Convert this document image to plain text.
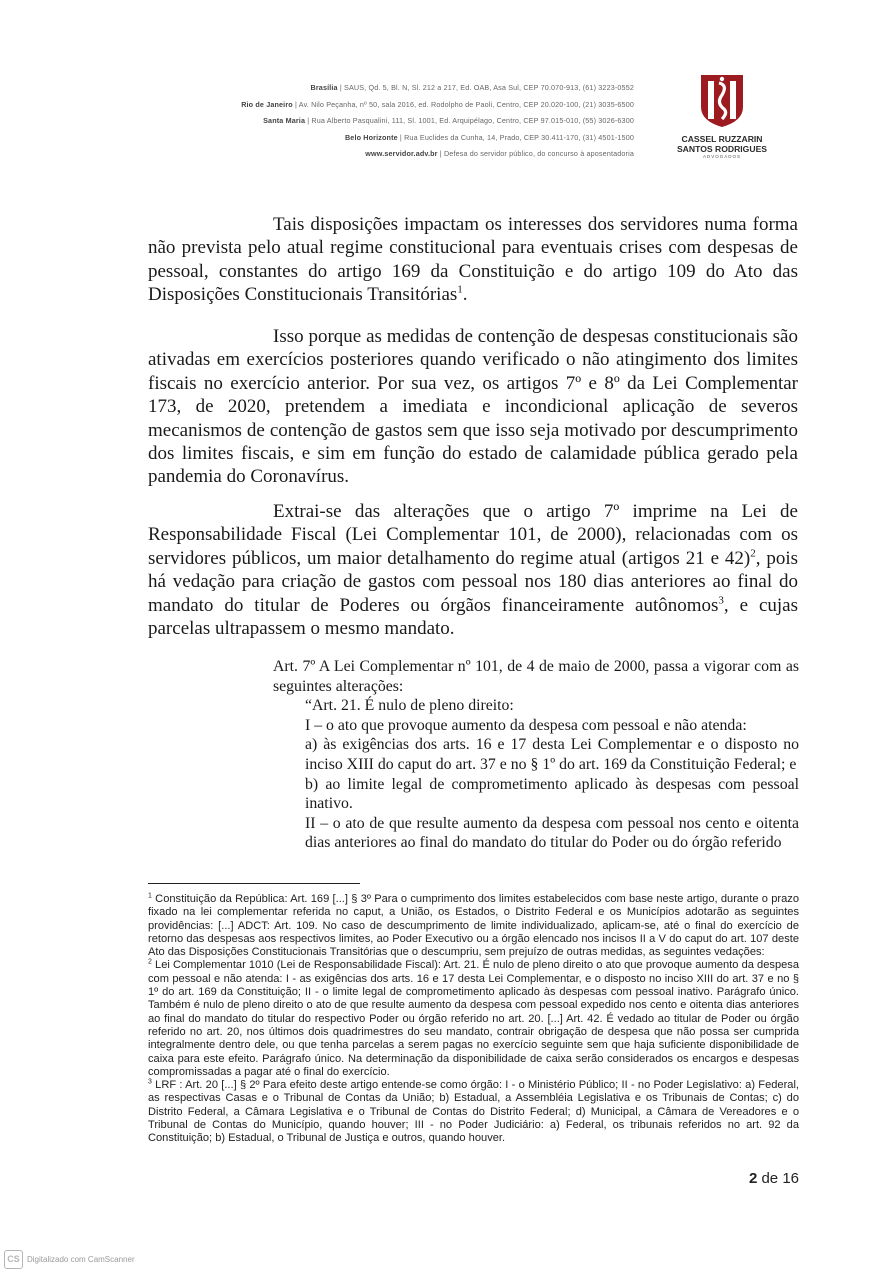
Brasília | SAUS, Qd. 5, Bl. N, Sl. 212 a 217, Ed. OAB, Asa Sul, CEP 70.070-913, (61) 3223-0552
Rio de Janeiro | Av. Nilo Peçanha, nº 50, sala 2016, ed. Rodolpho de Paoli, Centro, CEP 20.020-100, (21) 3035-6500
Santa Maria | Rua Alberto Pasqualini, 111, Sl. 1001, Ed. Arquipélago, Centro, CEP 97.015-010, (55) 3026-6300
Belo Horizonte | Rua Euclides da Cunha, 14, Prado, CEP 30.411-170, (31) 4501-1500
www.servidor.adv.br | Defesa do servidor público, do concurso à aposentadoria
CASSEL RUZZARIN
SANTOS RODRIGUES
ADVOGADOS

Tais disposições impactam os interesses dos servidores numa forma não prevista pelo atual regime constitucional para eventuais crises com despesas de pessoal, constantes do artigo 169 da Constituição e do artigo 109 do Ato das Disposições Constitucionais Transitórias$^1$.

Isso porque as medidas de contenção de despesas constitucionais são ativadas em exercícios posteriores quando verificado o não atingimento dos limites fiscais no exercício anterior. Por sua vez, os artigos 7º e 8º da Lei Complementar 173, de 2020, pretendem a imediata e incondicional aplicação de severos mecanismos de contenção de gastos sem que isso seja motivado por descumprimento dos limites fiscais, e sim em função do estado de calamidade pública gerado pela pandemia do Coronavírus.

Extrai-se das alterações que o artigo 7º imprime na Lei de Responsabilidade Fiscal (Lei Complementar 101, de 2000), relacionadas com os servidores públicos, um maior detalhamento do regime atual (artigos 21 e 42)$^2$, pois há vedação para criação de gastos com pessoal nos 180 dias anteriores ao final do mandato do titular de Poderes ou órgãos financeiramente autônomos$^3$, e cujas parcelas ultrapassem o mesmo mandato.

Art. 7º A Lei Complementar nº 101, de 4 de maio de 2000, passa a vigorar com as seguintes alterações:

“Art. 21. É nulo de pleno direito:

I – o ato que provoque aumento da despesa com pessoal e não atenda:

a) às exigências dos arts. 16 e 17 desta Lei Complementar e o disposto no inciso XIII do caput do art. 37 e no § 1º do art. 169 da Constituição Federal; e

b) ao limite legal de comprometimento aplicado às despesas com pessoal inativo.

II – o ato de que resulte aumento da despesa com pessoal nos cento e oitenta dias anteriores ao final do mandato do titular do Poder ou do órgão referido

$^1$ Constituição da República: Art. 169 [...] § 3º Para o cumprimento dos limites estabelecidos com base neste artigo, durante o prazo fixado na lei complementar referida no caput, a União, os Estados, o Distrito Federal e os Municípios adotarão as seguintes providências: [...] ADCT: Art. 109. No caso de descumprimento de limite individualizado, aplicam-se, até o final do exercício de retorno das despesas aos respectivos limites, ao Poder Executivo ou a órgão elencado nos incisos II a V do caput do art. 107 deste Ato das Disposições Constitucionais Transitórias que o descumpriu, sem prejuízo de outras medidas, as seguintes vedações:

$^2$ Lei Complementar 1010 (Lei de Responsabilidade Fiscal): Art. 21. É nulo de pleno direito o ato que provoque aumento da despesa com pessoal e não atenda: I - as exigências dos arts. 16 e 17 desta Lei Complementar, e o disposto no inciso XIII do art. 37 e no § 1º do art. 169 da Constituição; II - o limite legal de comprometimento aplicado às despesas com pessoal inativo. Parágrafo único. Também é nulo de pleno direito o ato de que resulte aumento da despesa com pessoal expedido nos cento e oitenta dias anteriores ao final do mandato do titular do respectivo Poder ou órgão referido no art. 20. [...] Art. 42. É vedado ao titular de Poder ou órgão referido no art. 20, nos últimos dois quadrimestres do seu mandato, contrair obrigação de despesa que não possa ser cumprida integralmente dentro dele, ou que tenha parcelas a serem pagas no exercício seguinte sem que haja suficiente disponibilidade de caixa para este efeito. Parágrafo único. Na determinação da disponibilidade de caixa serão considerados os encargos e despesas compromissadas a pagar até o final do exercício.

$^3$ LRF : Art. 20 [...] § 2º Para efeito deste artigo entende-se como órgão: I - o Ministério Público; II - no Poder Legislativo: a) Federal, as respectivas Casas e o Tribunal de Contas da União; b) Estadual, a Assembléia Legislativa e os Tribunais de Contas; c) do Distrito Federal, a Câmara Legislativa e o Tribunal de Contas do Distrito Federal; d) Municipal, a Câmara de Vereadores e o Tribunal de Contas do Município, quando houver; III - no Poder Judiciário: a) Federal, os tribunais referidos no art. 92 da Constituição; b) Estadual, o Tribunal de Justiça e outros, quando houver.

2 de 16
CS Digitalizado com CamScanner
